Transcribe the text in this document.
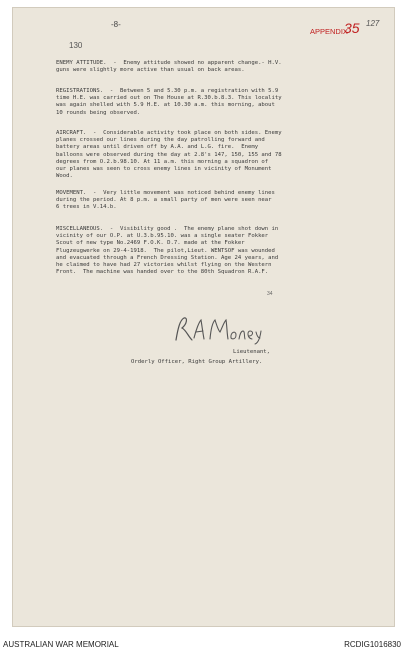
-8-
APPENDIX
35 127
130
ENEMY ATTITUDE.  -  Enemy attitude showed no apparent change.- H.V.
guns were slightly more active than usual on back areas.
REGISTRATIONS.  -  Between 5 and 5.30 p.m. a registration with 5.9
time H.E. was carried out on The House at R.30.b.8.3. This locality
was again shelled with 5.9 H.E. at 10.30 a.m. this morning, about
10 rounds being observed.
AIRCRAFT.  -  Considerable activity took place on both sides. Enemy
planes crossed our lines during the day patrolling forward and
battery areas until driven off by A.A. and L.G. fire.  Enemy
balloons were observed during the day at 2.8's 147, 150, 155 and 78
degrees from O.2.b.98.10. At 11 a.m. this morning a squadron of
our planes was seen to cross enemy lines in vicinity of Monument
Wood.
MOVEMENT.  -  Very little movement was noticed behind enemy lines
during the period. At 8 p.m. a small party of men were seen near
6 trees in V.14.b.
MISCELLANEOUS.  -  Visibility good .  The enemy plane shot down in
vicinity of our O.P. at U.3.b.95.10. was a single seater Fokker
Scout of new type No.2469 F.O.K. D.7. made at the Fokker
Flugzeugwerke on 29-4-1918.  The pilot,Lieut. WENTSOF was wounded
and evacuated through a French Dressing Station. Age 24 years, and
he claimed to have had 27 victories whilst flying on the Western
Front.  The machine was handed over to the 80th Squadron R.A.F.
34
Lieutenant,
Orderly Officer, Right Group Artillery.
AUSTRALIAN WAR MEMORIAL	RCDIG1016830
